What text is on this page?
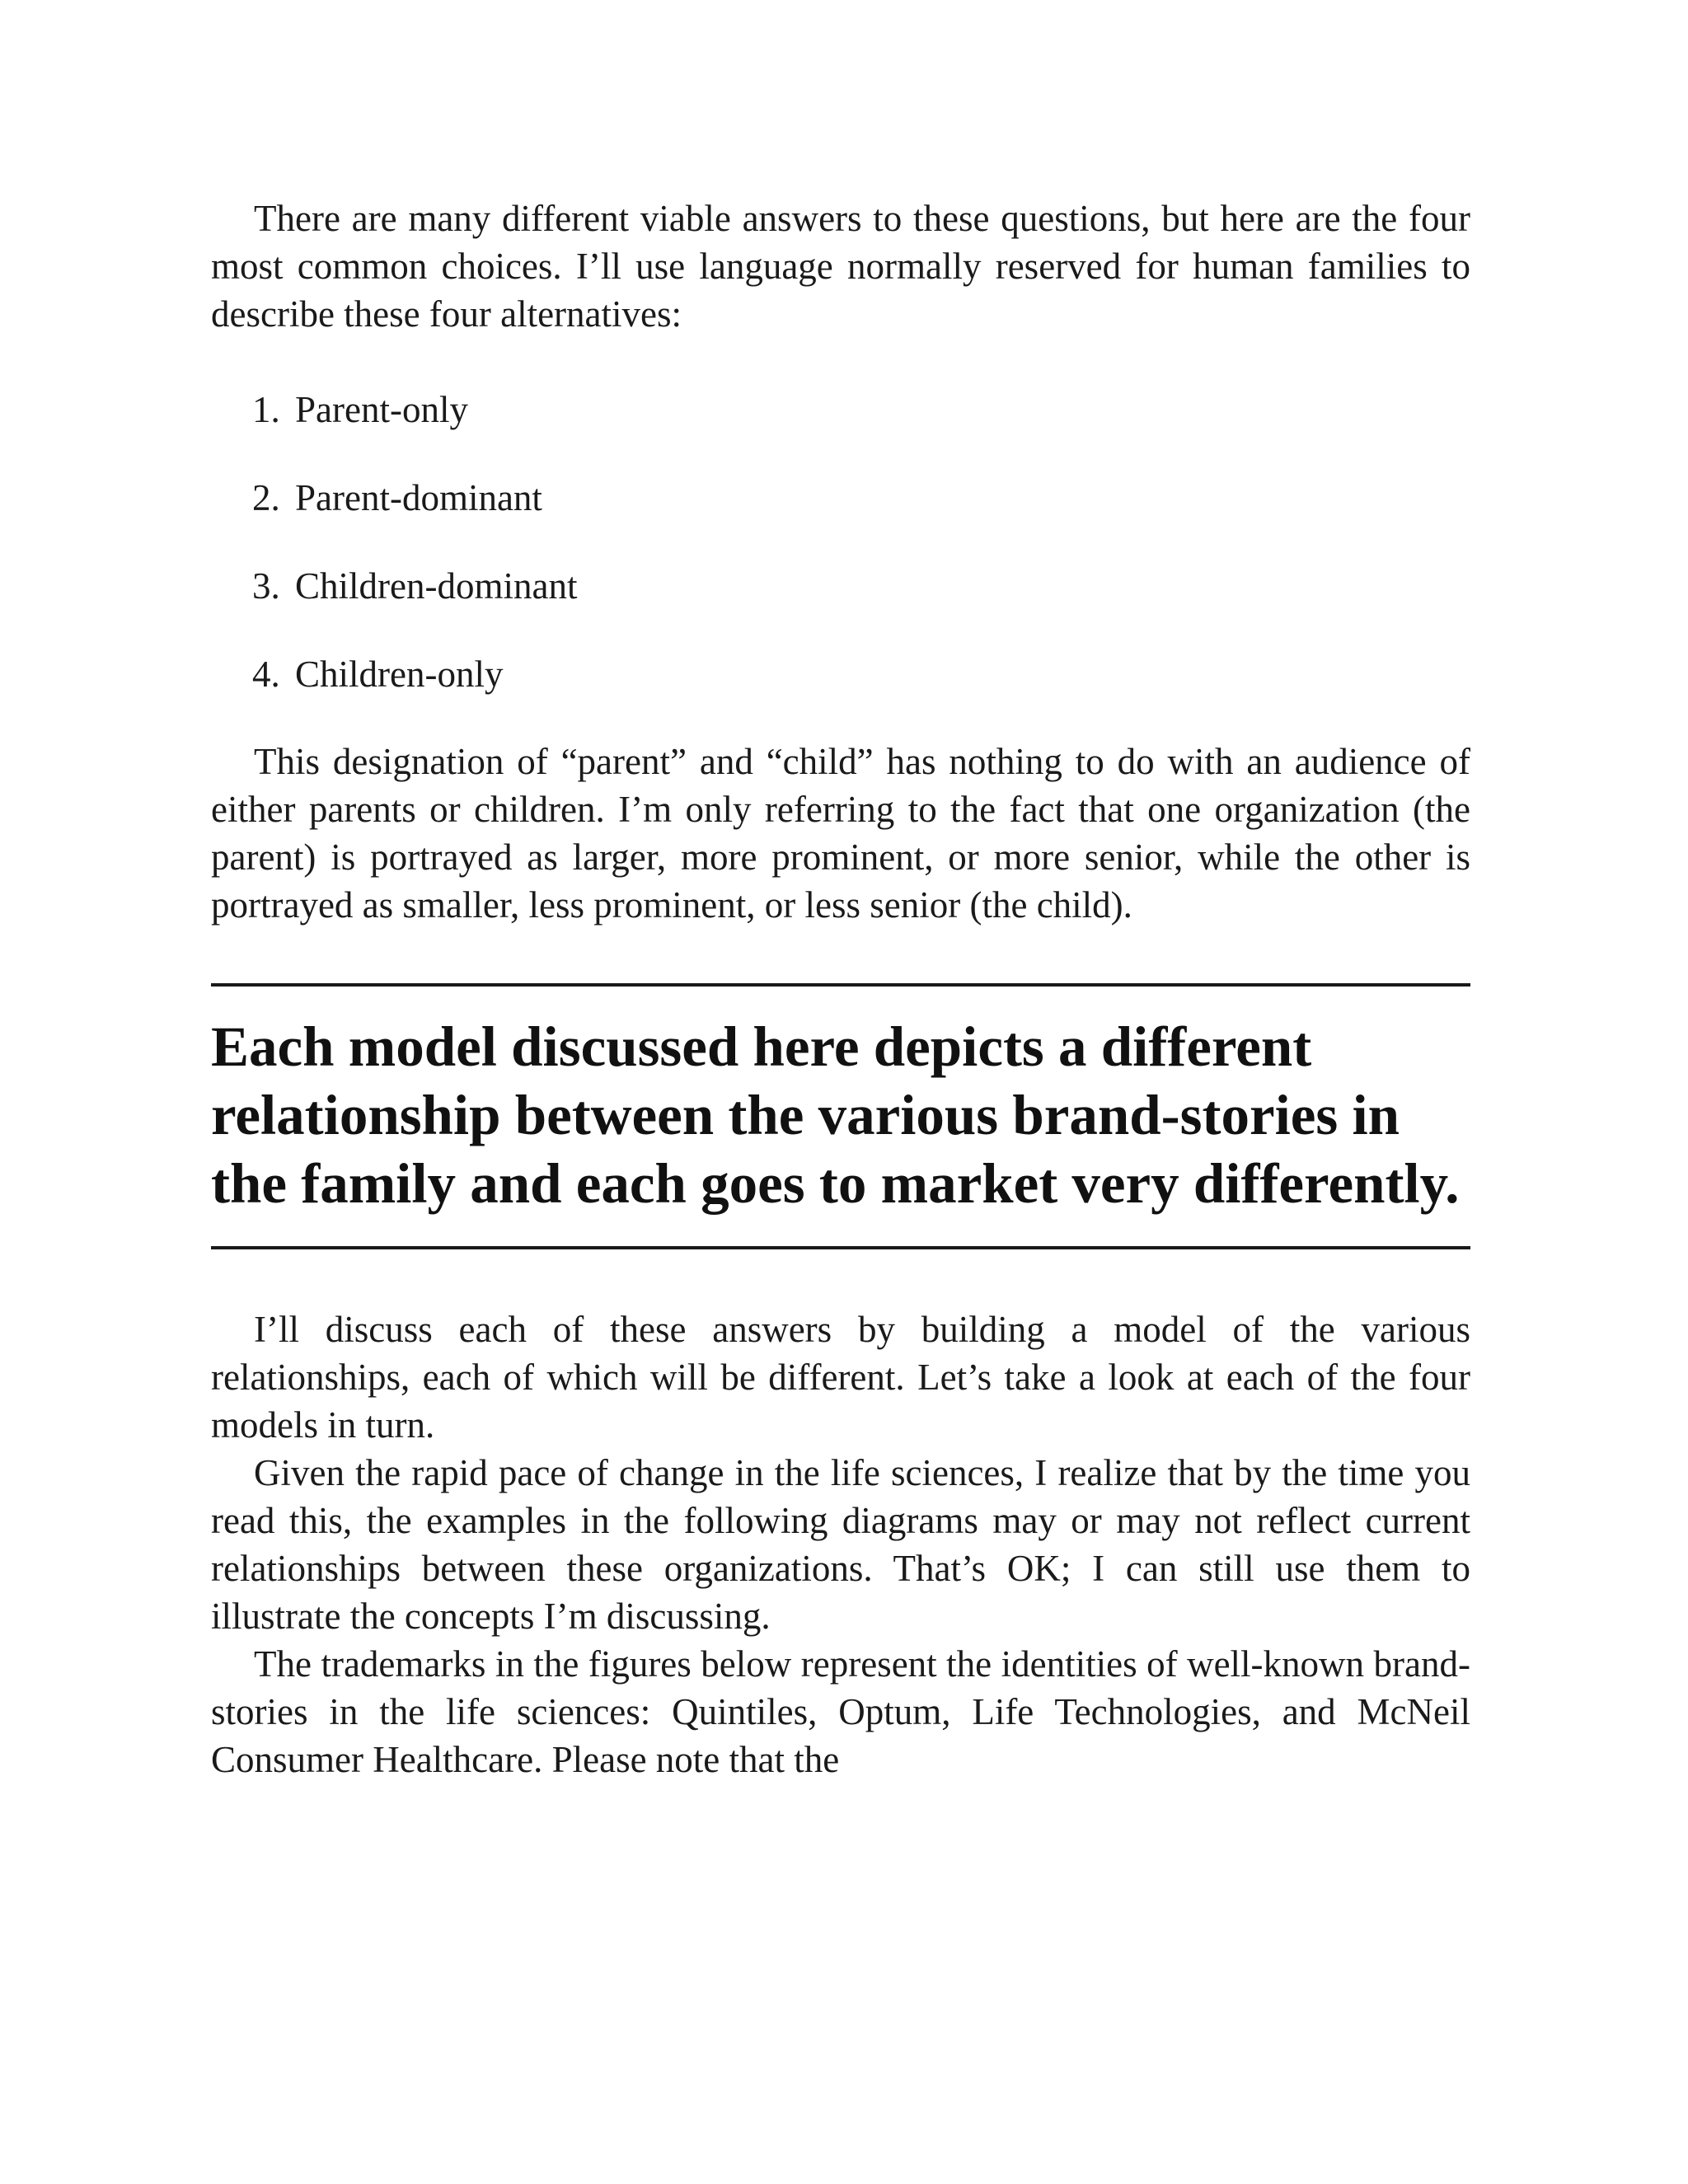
There are many different viable answers to these questions, but here are the four most common choices. I’ll use language normally reserved for human families to describe these four alternatives:

1. Parent-only
2. Parent-dominant
3. Children-dominant
4. Children-only

This designation of “parent” and “child” has nothing to do with an audience of either parents or children. I’m only referring to the fact that one organization (the parent) is portrayed as larger, more prominent, or more senior, while the other is portrayed as smaller, less prominent, or less senior (the child).

Each model discussed here depicts a different relationship between the various brand-stories in the family and each goes to market very differently.

I’ll discuss each of these answers by building a model of the various relationships, each of which will be different. Let’s take a look at each of the four models in turn.

Given the rapid pace of change in the life sciences, I realize that by the time you read this, the examples in the following diagrams may or may not reflect current relationships between these organizations. That’s OK; I can still use them to illustrate the concepts I’m discussing.

The trademarks in the figures below represent the identities of well-known brand-stories in the life sciences: Quintiles, Optum, Life Technologies, and McNeil Consumer Healthcare. Please note that the
